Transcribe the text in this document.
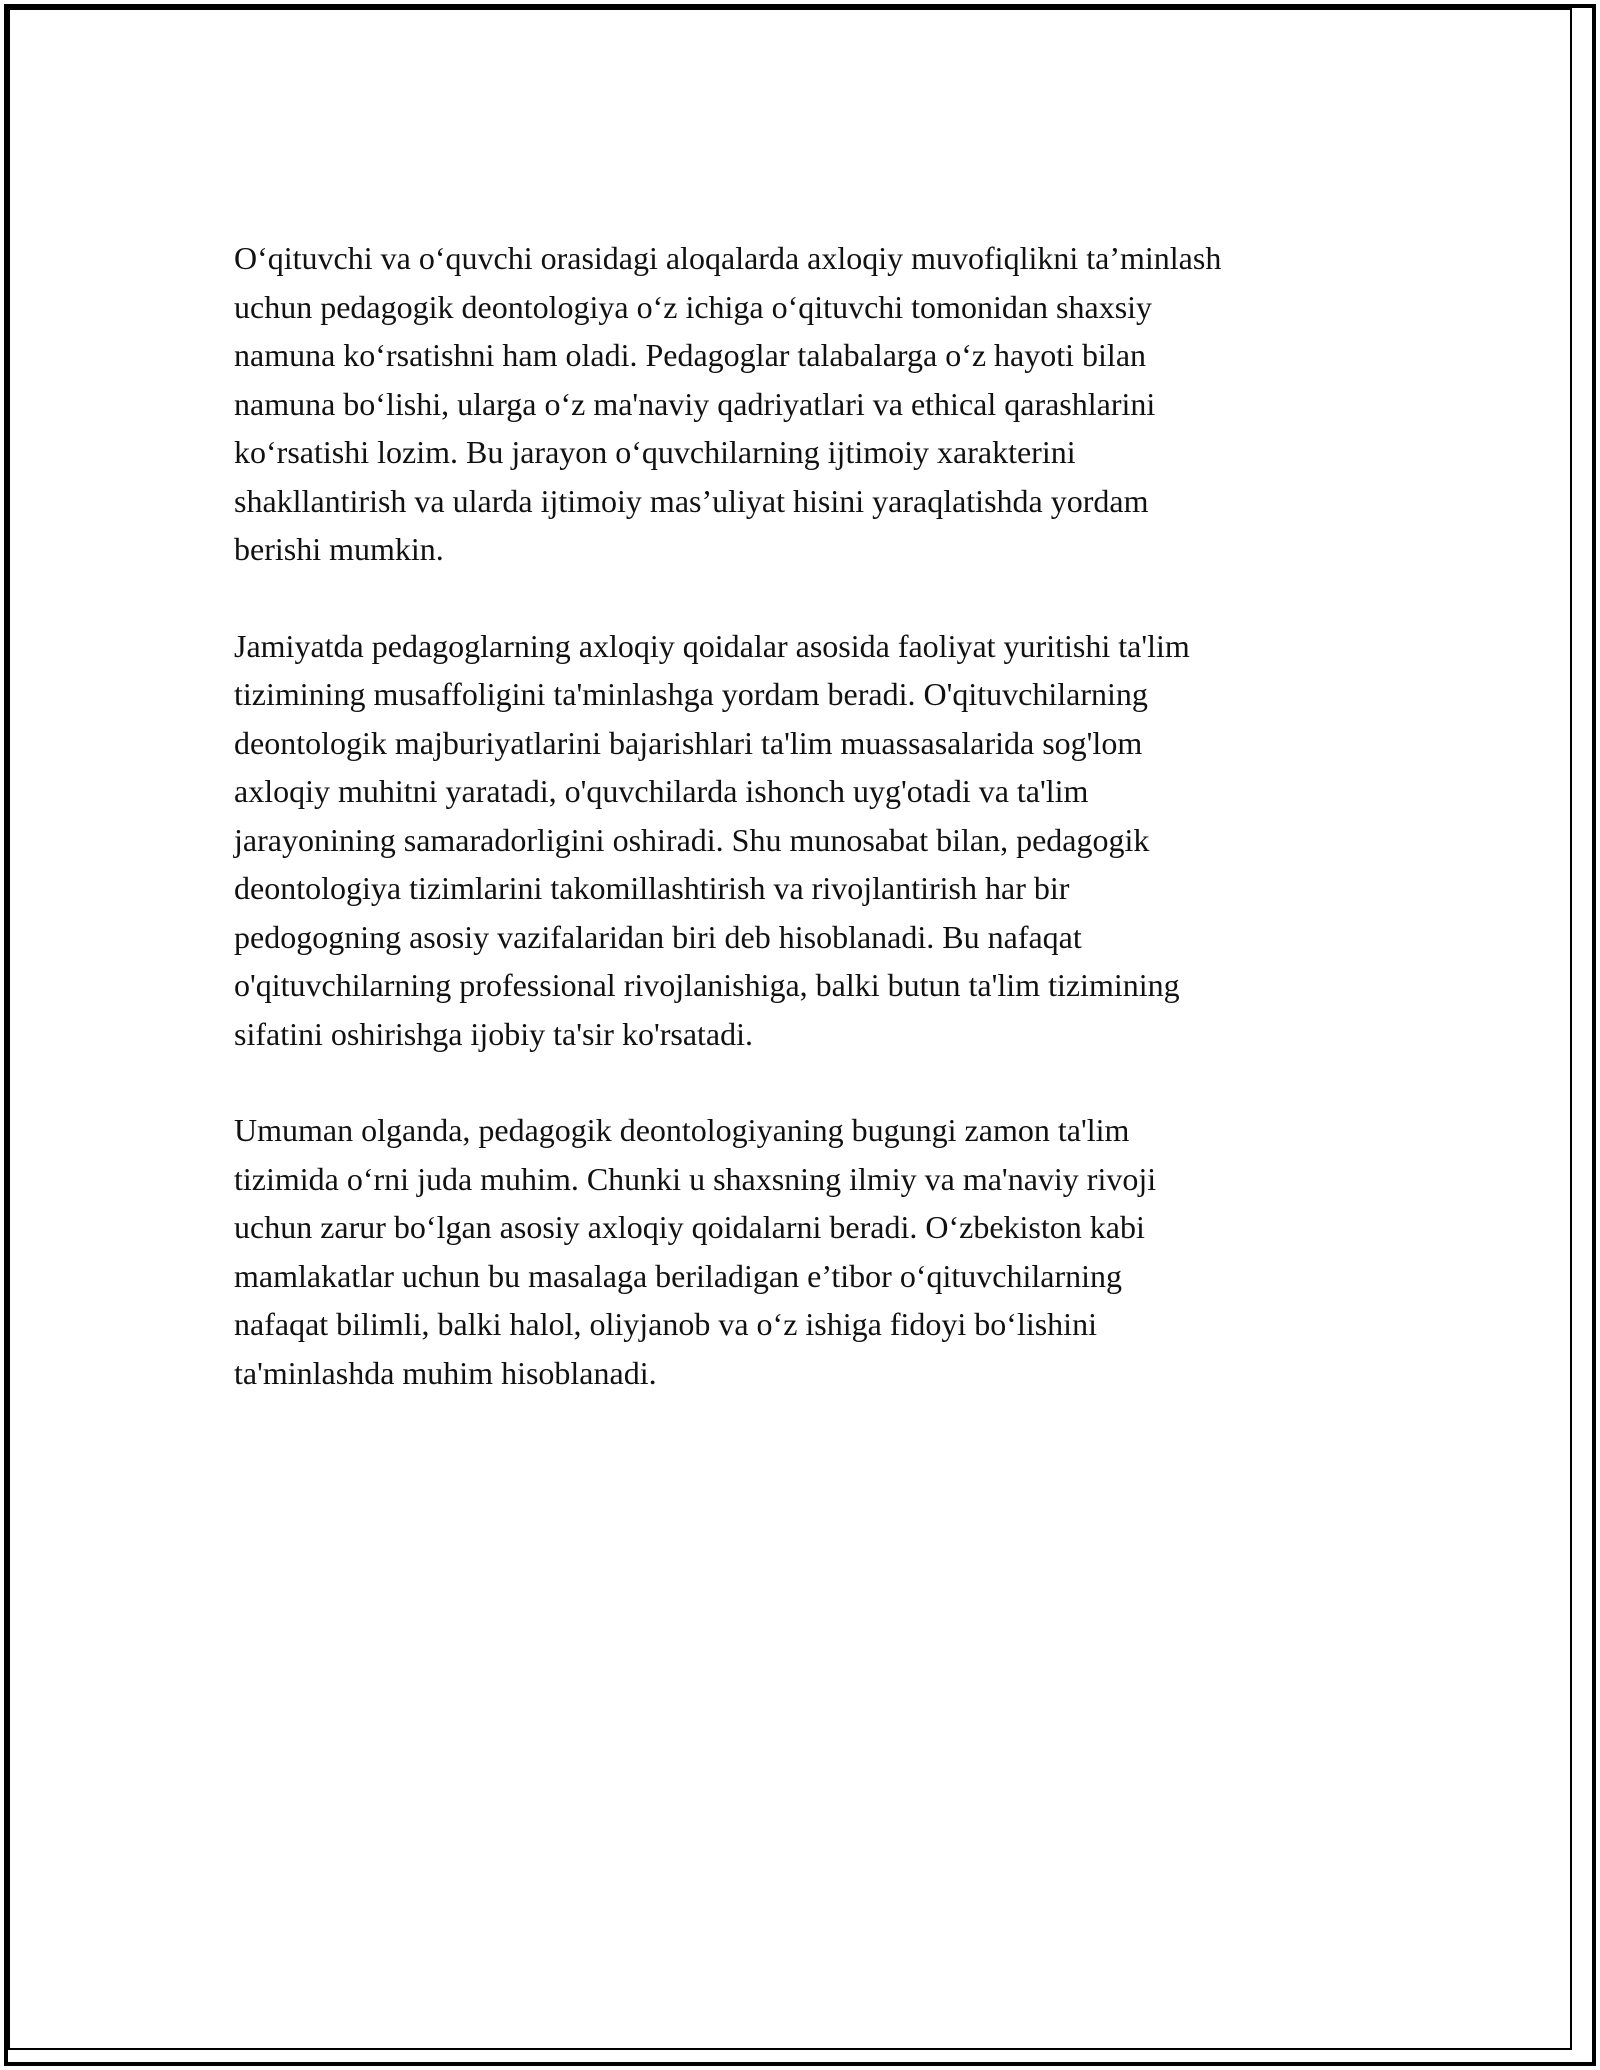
O‘qituvchi va o‘quvchi orasidagi aloqalarda axloqiy muvofiqlikni ta’minlash
uchun pedagogik deontologiya o‘z ichiga o‘qituvchi tomonidan shaxsiy
namuna ko‘rsatishni ham oladi. Pedagoglar talabalarga o‘z hayoti bilan
namuna bo‘lishi, ularga o‘z ma'naviy qadriyatlari va ethical qarashlarini
ko‘rsatishi lozim. Bu jarayon o‘quvchilarning ijtimoiy xarakterini
shakllantirish va ularda ijtimoiy mas’uliyat hisini yaraqlatishda yordam
berishi mumkin.

Jamiyatda pedagoglarning axloqiy qoidalar asosida faoliyat yuritishi ta'lim
tizimining musaffoligini ta'minlashga yordam beradi. O'qituvchilarning
deontologik majburiyatlarini bajarishlari ta'lim muassasalarida sog'lom
axloqiy muhitni yaratadi, o'quvchilarda ishonch uyg'otadi va ta'lim
jarayonining samaradorligini oshiradi. Shu munosabat bilan, pedagogik
deontologiya tizimlarini takomillashtirish va rivojlantirish har bir
pedogogning asosiy vazifalaridan biri deb hisoblanadi. Bu nafaqat
o'qituvchilarning professional rivojlanishiga, balki butun ta'lim tizimining
sifatini oshirishga ijobiy ta'sir ko'rsatadi.

Umuman olganda, pedagogik deontologiyaning bugungi zamon ta'lim
tizimida o‘rni juda muhim. Chunki u shaxsning ilmiy va ma'naviy rivoji
uchun zarur bo‘lgan asosiy axloqiy qoidalarni beradi. O‘zbekiston kabi
mamlakatlar uchun bu masalaga beriladigan e’tibor o‘qituvchilarning
nafaqat bilimli, balki halol, oliyjanob va o‘z ishiga fidoyi bo‘lishini
ta'minlashda muhim hisoblanadi.
